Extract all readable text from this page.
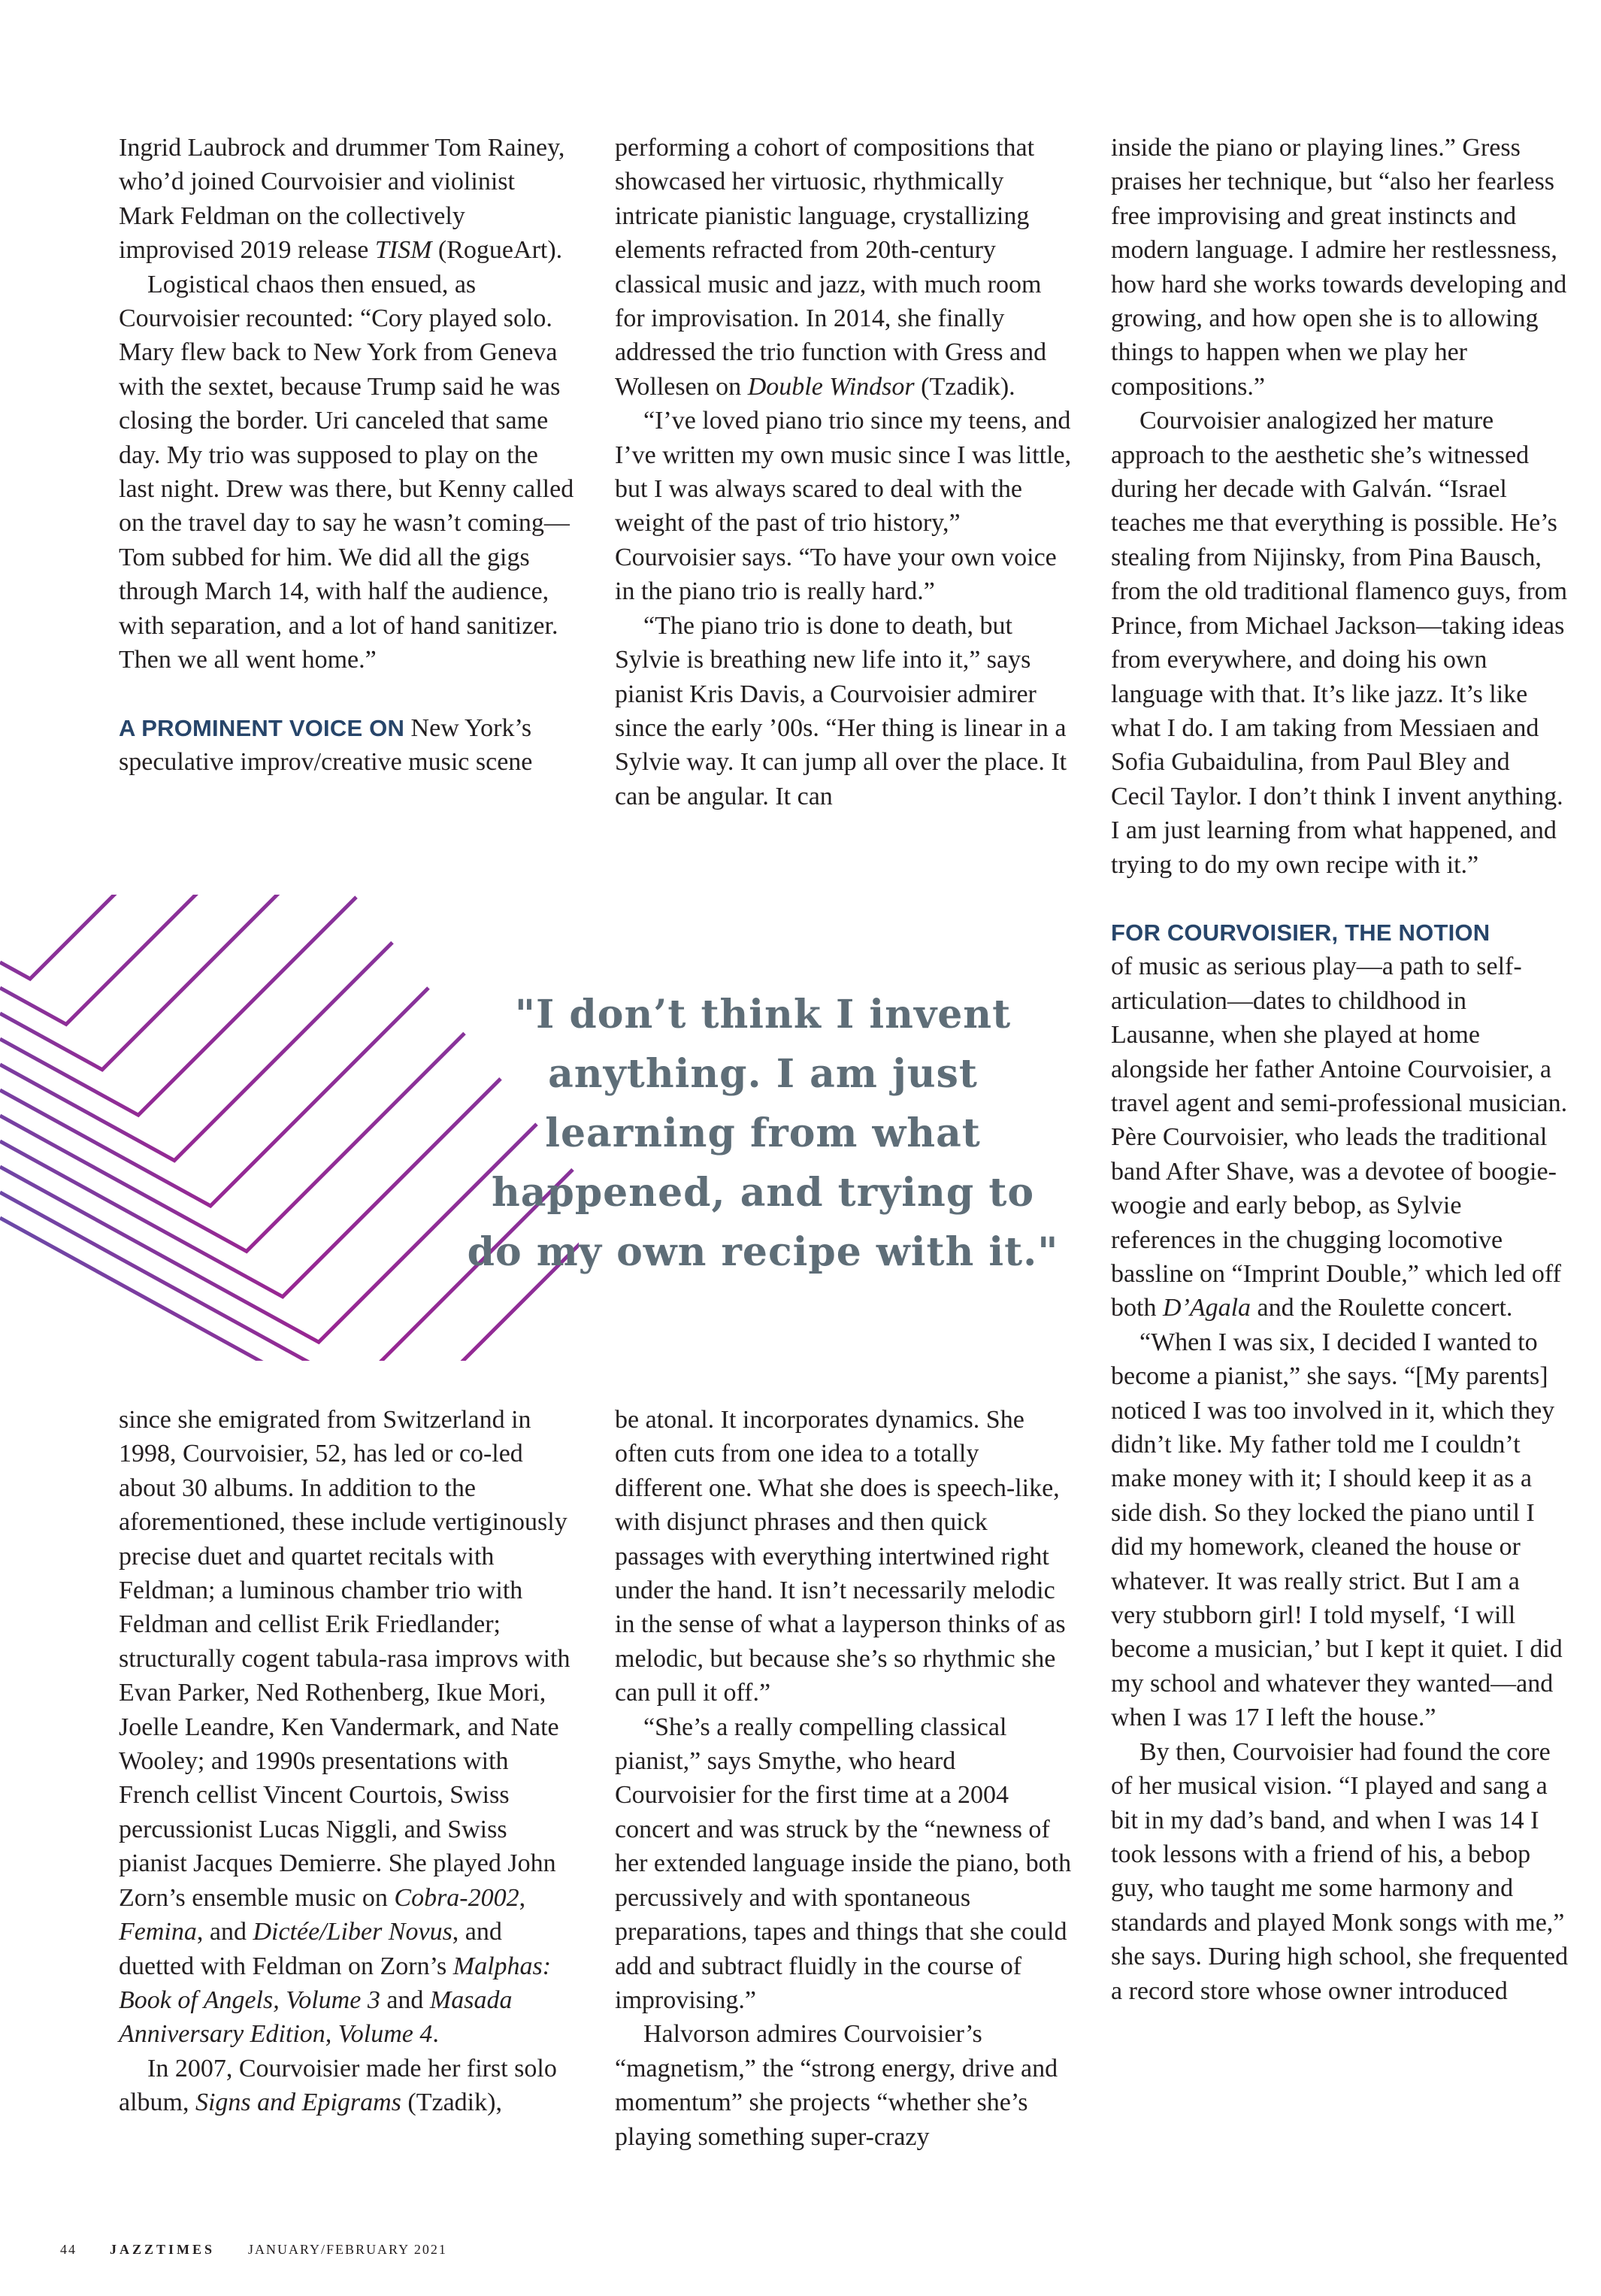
Ingrid Laubrock and drummer Tom Rainey, who’d joined Courvoisier and violinist Mark Feldman on the collectively improvised 2019 release TISM (RogueArt).

Logistical chaos then ensued, as Courvoisier recounted: “Cory played solo. Mary flew back to New York from Geneva with the sextet, because Trump said he was closing the border. Uri canceled that same day. My trio was supposed to play on the last night. Drew was there, but Kenny called on the travel day to say he wasn’t coming—Tom subbed for him. We did all the gigs through March 14, with half the audience, with separation, and a lot of hand sanitizer. Then we all went home.”

A PROMINENT VOICE ON New York’s speculative improv/creative music scene

performing a cohort of compositions that showcased her virtuosic, rhythmically intricate pianistic language, crystallizing elements refracted from 20th-century classical music and jazz, with much room for improvisation. In 2014, she finally addressed the trio function with Gress and Wollesen on Double Windsor (Tzadik).

“I’ve loved piano trio since my teens, and I’ve written my own music since I was little, but I was always scared to deal with the weight of the past of trio history,” Courvoisier says. “To have your own voice in the piano trio is really hard.”

“The piano trio is done to death, but Sylvie is breathing new life into it,” says pianist Kris Davis, a Courvoisier admirer since the early ’00s. “Her thing is linear in a Sylvie way. It can jump all over the place. It can be angular. It can

inside the piano or playing lines.” Gress praises her technique, but “also her fearless free improvising and great instincts and modern language. I admire her restlessness, how hard she works towards developing and growing, and how open she is to allowing things to happen when we play her compositions.”

Courvoisier analogized her mature approach to the aesthetic she’s witnessed during her decade with Galván. “Israel teaches me that everything is possible. He’s stealing from Nijinsky, from Pina Bausch, from the old traditional flamenco guys, from Prince, from Michael Jackson—taking ideas from everywhere, and doing his own language with that. It’s like jazz. It’s like what I do. I am taking from Messiaen and Sofia Gubaidulina, from Paul Bley and Cecil Taylor. I don’t think I invent anything. I am just learning from what happened, and trying to do my own recipe with it.”

FOR COURVOISIER, THE NOTION

of music as serious play—a path to self-articulation—dates to childhood in Lausanne, when she played at home alongside her father Antoine Courvoisier, a travel agent and semi-professional musician. Père Courvoisier, who leads the traditional band After Shave, was a devotee of boogie-woogie and early bebop, as Sylvie references in the chugging locomotive bassline on “Imprint Double,” which led off both D’Agala and the Roulette concert.

“When I was six, I decided I wanted to become a pianist,” she says. “[My parents] noticed I was too involved in it, which they didn’t like. My father told me I couldn’t make money with it; I should keep it as a side dish. So they locked the piano until I did my homework, cleaned the house or whatever. It was really strict. But I am a very stubborn girl! I told myself, ‘I will become a musician,’ but I kept it quiet. I did my school and whatever they wanted—and when I was 17 I left the house.”

By then, Courvoisier had found the core of her musical vision. “I played and sang a bit in my dad’s band, and when I was 14 I took lessons with a friend of his, a bebop guy, who taught me some harmony and standards and played Monk songs with me,” she says. During high school, she frequented a record store whose owner introduced

"I don’t think I invent
anything. I am just
learning from what
happened, and trying to
do my own recipe with it."

since she emigrated from Switzerland in 1998, Courvoisier, 52, has led or co-led about 30 albums. In addition to the aforementioned, these include vertiginously precise duet and quartet recitals with Feldman; a luminous chamber trio with Feldman and cellist Erik Friedlander; structurally cogent tabula-rasa improvs with Evan Parker, Ned Rothenberg, Ikue Mori, Joelle Leandre, Ken Vandermark, and Nate Wooley; and 1990s presentations with French cellist Vincent Courtois, Swiss percussionist Lucas Niggli, and Swiss pianist Jacques Demierre. She played John Zorn’s ensemble music on Cobra-2002, Femina, and Dictée/Liber Novus, and duetted with Feldman on Zorn’s Malphas: Book of Angels, Volume 3 and Masada Anniversary Edition, Volume 4.

In 2007, Courvoisier made her first solo album, Signs and Epigrams (Tzadik),

be atonal. It incorporates dynamics. She often cuts from one idea to a totally different one. What she does is speech-like, with disjunct phrases and then quick passages with everything intertwined right under the hand. It isn’t necessarily melodic in the sense of what a layperson thinks of as melodic, but because she’s so rhythmic she can pull it off.”

“She’s a really compelling classical pianist,” says Smythe, who heard Courvoisier for the first time at a 2004 concert and was struck by the “newness of her extended language inside the piano, both percussively and with spontaneous preparations, tapes and things that she could add and subtract fluidly in the course of improvising.”

Halvorson admires Courvoisier’s “magnetism,” the “strong energy, drive and momentum” she projects “whether she’s playing something super-crazy

44 JAZZTIMES JANUARY/FEBRUARY 2021
